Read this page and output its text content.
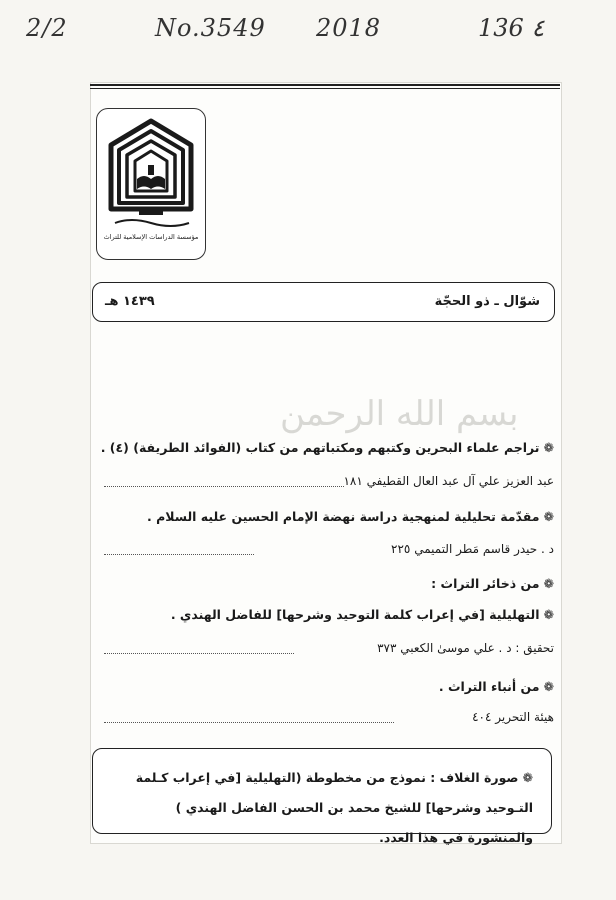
2/2	No.3549 2018	136 ٤
مؤسسة الدراسات الإسلامية للتراث
شوّال ـ ذو الحجّة
١٤٣٩ هـ
بسم الله الرحمن
❁تراجم علماء البحرين وكتبهم ومكتباتهم من كتاب (الفوائد الطريفة) (٤) .
عبد العزيز علي آل عبد العال القطيفي ١٨١
❁مقدّمة تحليلية لمنهجية دراسة نهضة الإمام الحسين عليه السلام .
د . حيدر قاسم مَطر التميمي ٢٢٥
❁من ذخائر التراث :
❁التهليلية [في إعراب كلمة التوحيد وشرحها] للفاضل الهندي .
تحقيق : د . علي موسىٰ الكعبي ٣٧٣
❁من أنباء التراث .
هيئة التحرير ٤٠٤
❁صورة الغلاف : نموذج من مخطوطة (التهليلية [في إعراب كـلمة التـوحيد وشرحها] للشيخ محمد بن الحسن الفاضل الهندي ) والمنشورة في هذا العدد.
